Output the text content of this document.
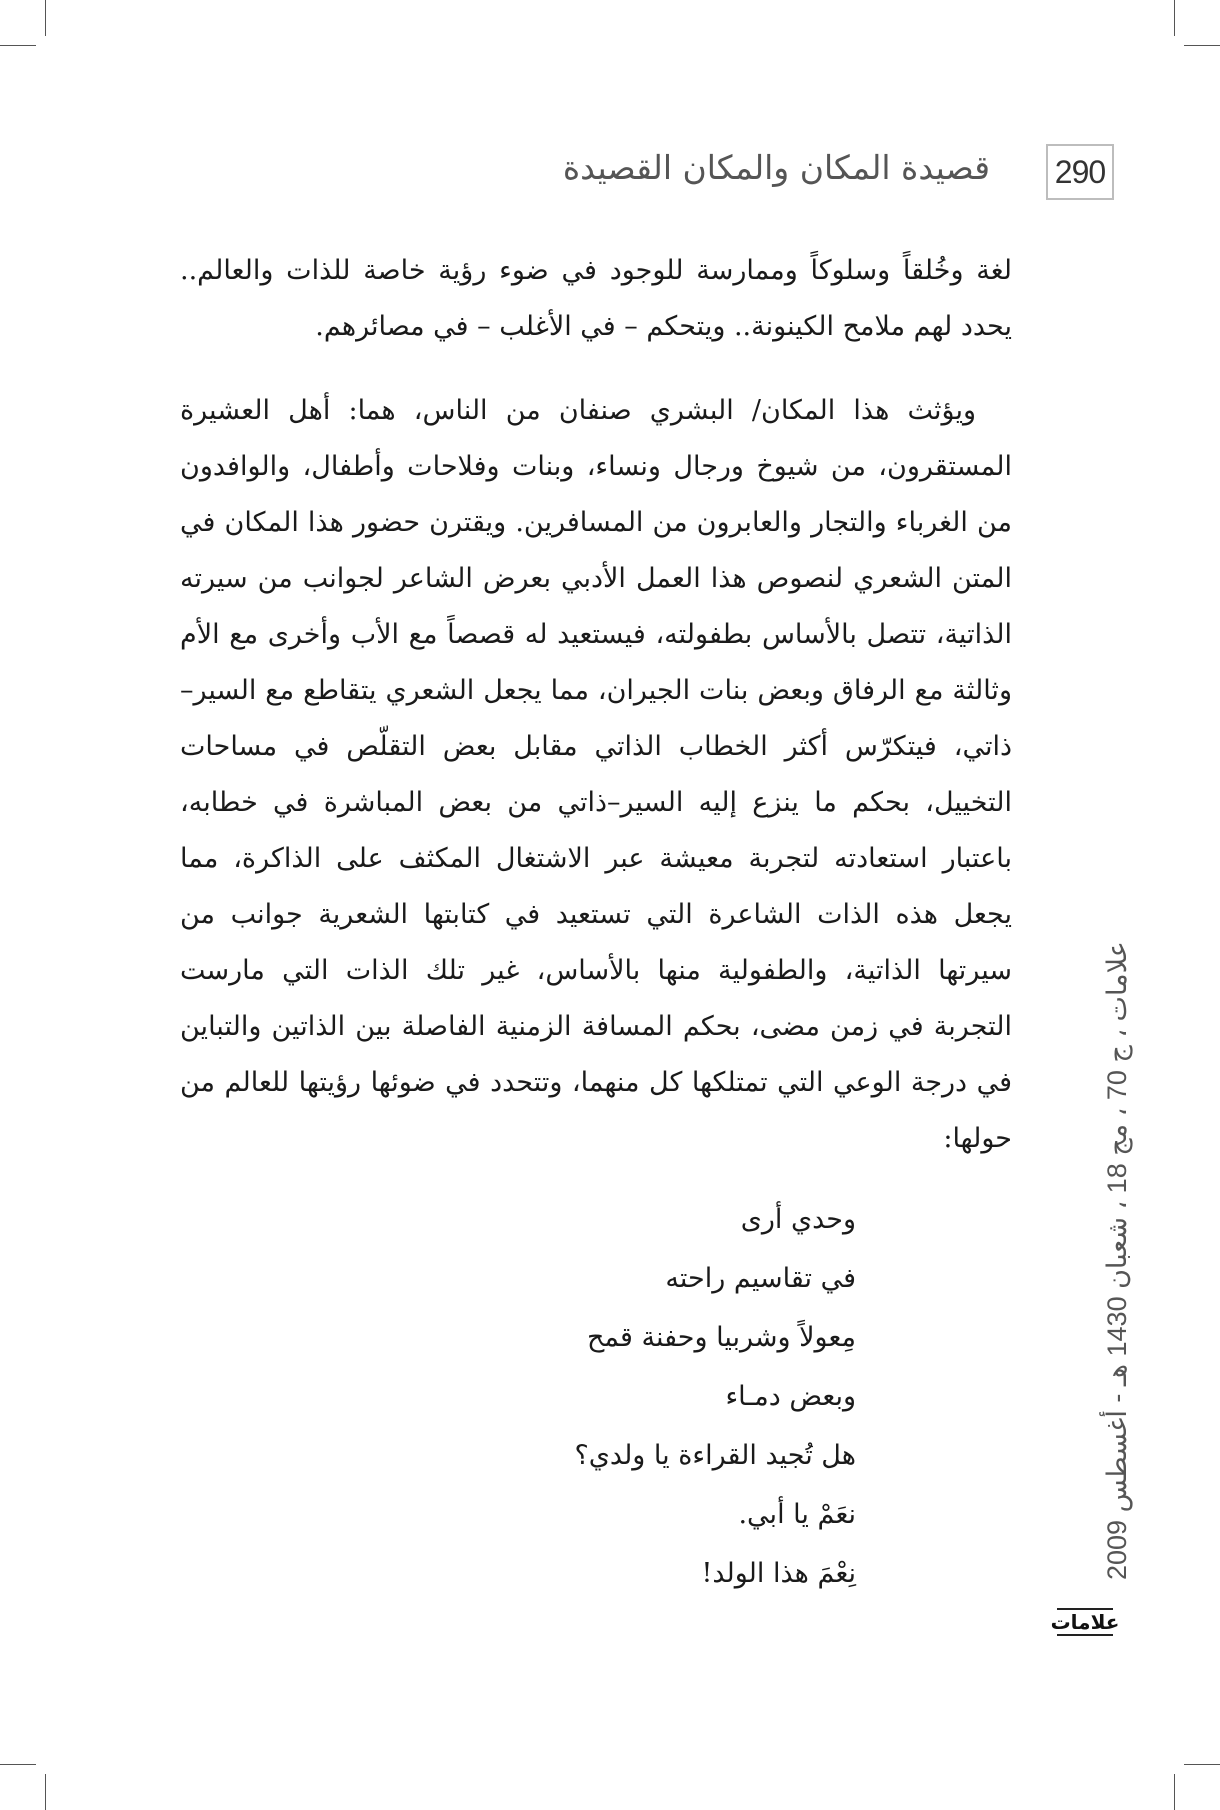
290
قصيدة المكان والمكان القصيدة

لغة وخُلقاً وسلوكاً وممارسة للوجود في ضوء رؤية خاصة للذات والعالم.. يحدد لهم ملامح الكينونة.. ويتحكم – في الأغلب – في مصائرهم.

ويؤثث هذا المكان/ البشري صنفان من الناس، هما: أهل العشيرة المستقرون، من شيوخ ورجال ونساء، وبنات وفلاحات وأطفال، والوافدون من الغرباء والتجار والعابرون من المسافرين. ويقترن حضور هذا المكان في المتن الشعري لنصوص هذا العمل الأدبي بعرض الشاعر لجوانب من سيرته الذاتية، تتصل بالأساس بطفولته، فيستعيد له قصصاً مع الأب وأخرى مع الأم وثالثة مع الرفاق وبعض بنات الجيران، مما يجعل الشعري يتقاطع مع السير–ذاتي، فيتكرّس أكثر الخطاب الذاتي مقابل بعض التقلّص في مساحات التخييل، بحكم ما ينزع إليه السير–ذاتي من بعض المباشرة في خطابه، باعتبار استعادته لتجربة معيشة عبر الاشتغال المكثف على الذاكرة، مما يجعل هذه الذات الشاعرة التي تستعيد في كتابتها الشعرية جوانب من سيرتها الذاتية، والطفولية منها بالأساس، غير تلك الذات التي مارست التجربة في زمن مضى، بحكم المسافة الزمنية الفاصلة بين الذاتين والتباين في درجة الوعي التي تمتلكها كل منهما، وتتحدد في ضوئها رؤيتها للعالم من حولها:

وحدي أرى
في تقاسيم راحته
مِعولاً وشربيا وحفنة قمح
وبعض دمـاء
هل تُجيد القراءة يا ولدي؟
نعَمْ يا أبي.
نِعْمَ هذا الولد!	علامات ، ج 70 ، مج 18 ، شعبان 1430 هـ - أغسطس 2009
علامات
